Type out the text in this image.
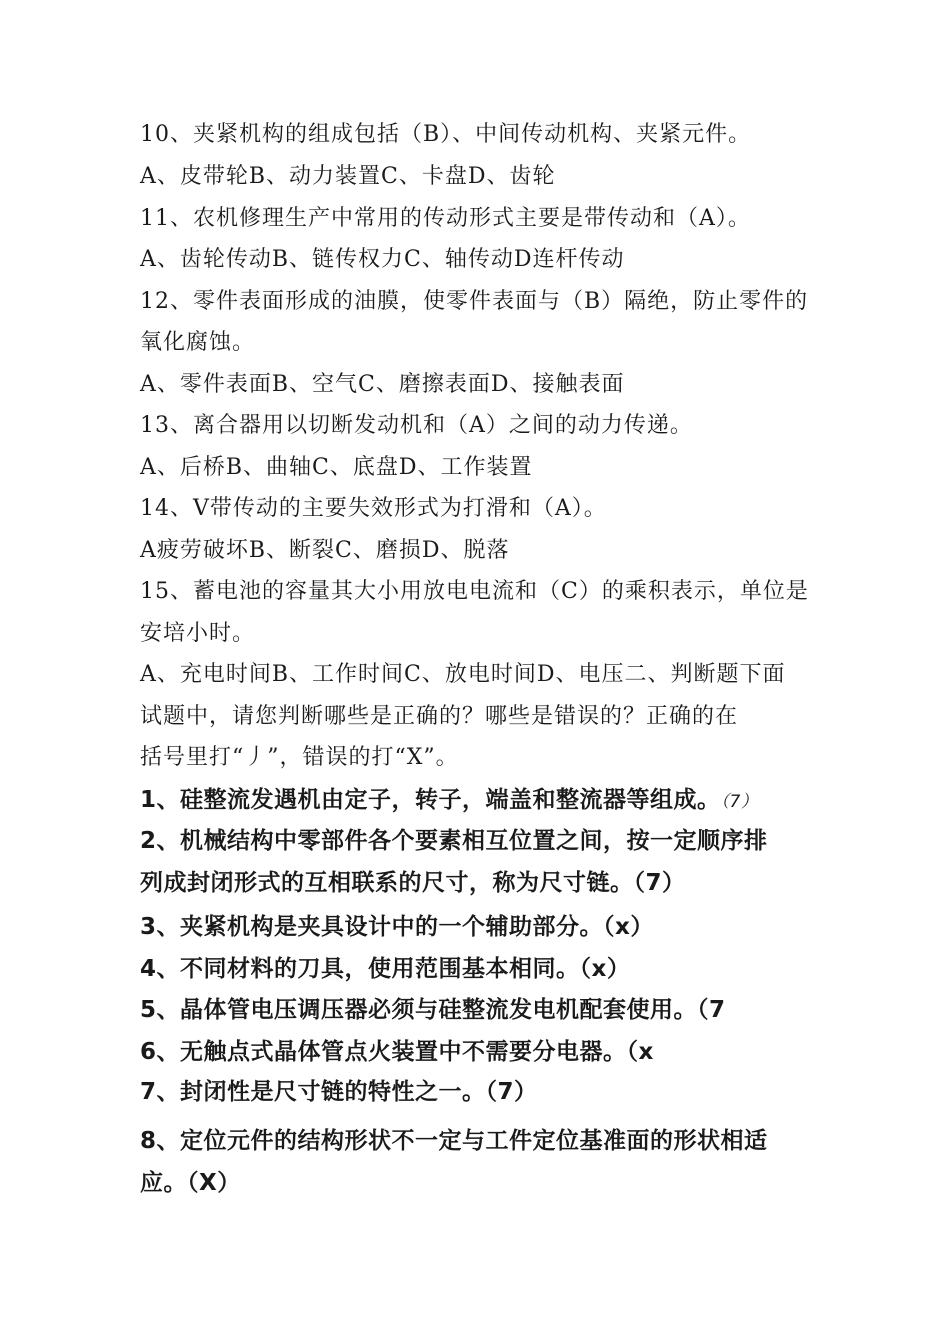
10、夹紧机构的组成包括（B）、中间传动机构、夹紧元件。
A、皮带轮B、动力装置C、卡盘D、齿轮
11、农机修理生产中常用的传动形式主要是带传动和（A）。
A、齿轮传动B、链传权力C、轴传动D连杆传动
12、零件表面形成的油膜，使零件表面与（B）隔绝，防止零件的
氧化腐蚀。
A、零件表面B、空气C、磨擦表面D、接触表面
13、离合器用以切断发动机和（A）之间的动力传递。
A、后桥B、曲轴C、底盘D、工作装置
14、V带传动的主要失效形式为打滑和（A）。
A疲劳破坏B、断裂C、磨损D、脱落
15、蓄电池的容量其大小用放电电流和（C）的乘积表示，单位是
安培小时。
A、充电时间B、工作时间C、放电时间D、电压二、判断题下面
试题中，请您判断哪些是正确的？哪些是错误的？正确的在
括号里打“丿”，错误的打“X”。
1、硅整流发遇机由定子，转子，端盖和整流器等组成。（7）
2、机械结构中零部件各个要素相互位置之间，按一定顺序排
列成封闭形式的互相联系的尺寸，称为尺寸链。（7）
3、夹紧机构是夹具设计中的一个辅助部分。（x）
4、不同材料的刀具，使用范围基本相同。（x）
5、晶体管电压调压器必须与硅整流发电机配套使用。（7
6、无触点式晶体管点火装置中不需要分电器。（x
7、封闭性是尺寸链的特性之一。（7）
8、定位元件的结构形状不一定与工件定位基准面的形状相适
应。（X）
